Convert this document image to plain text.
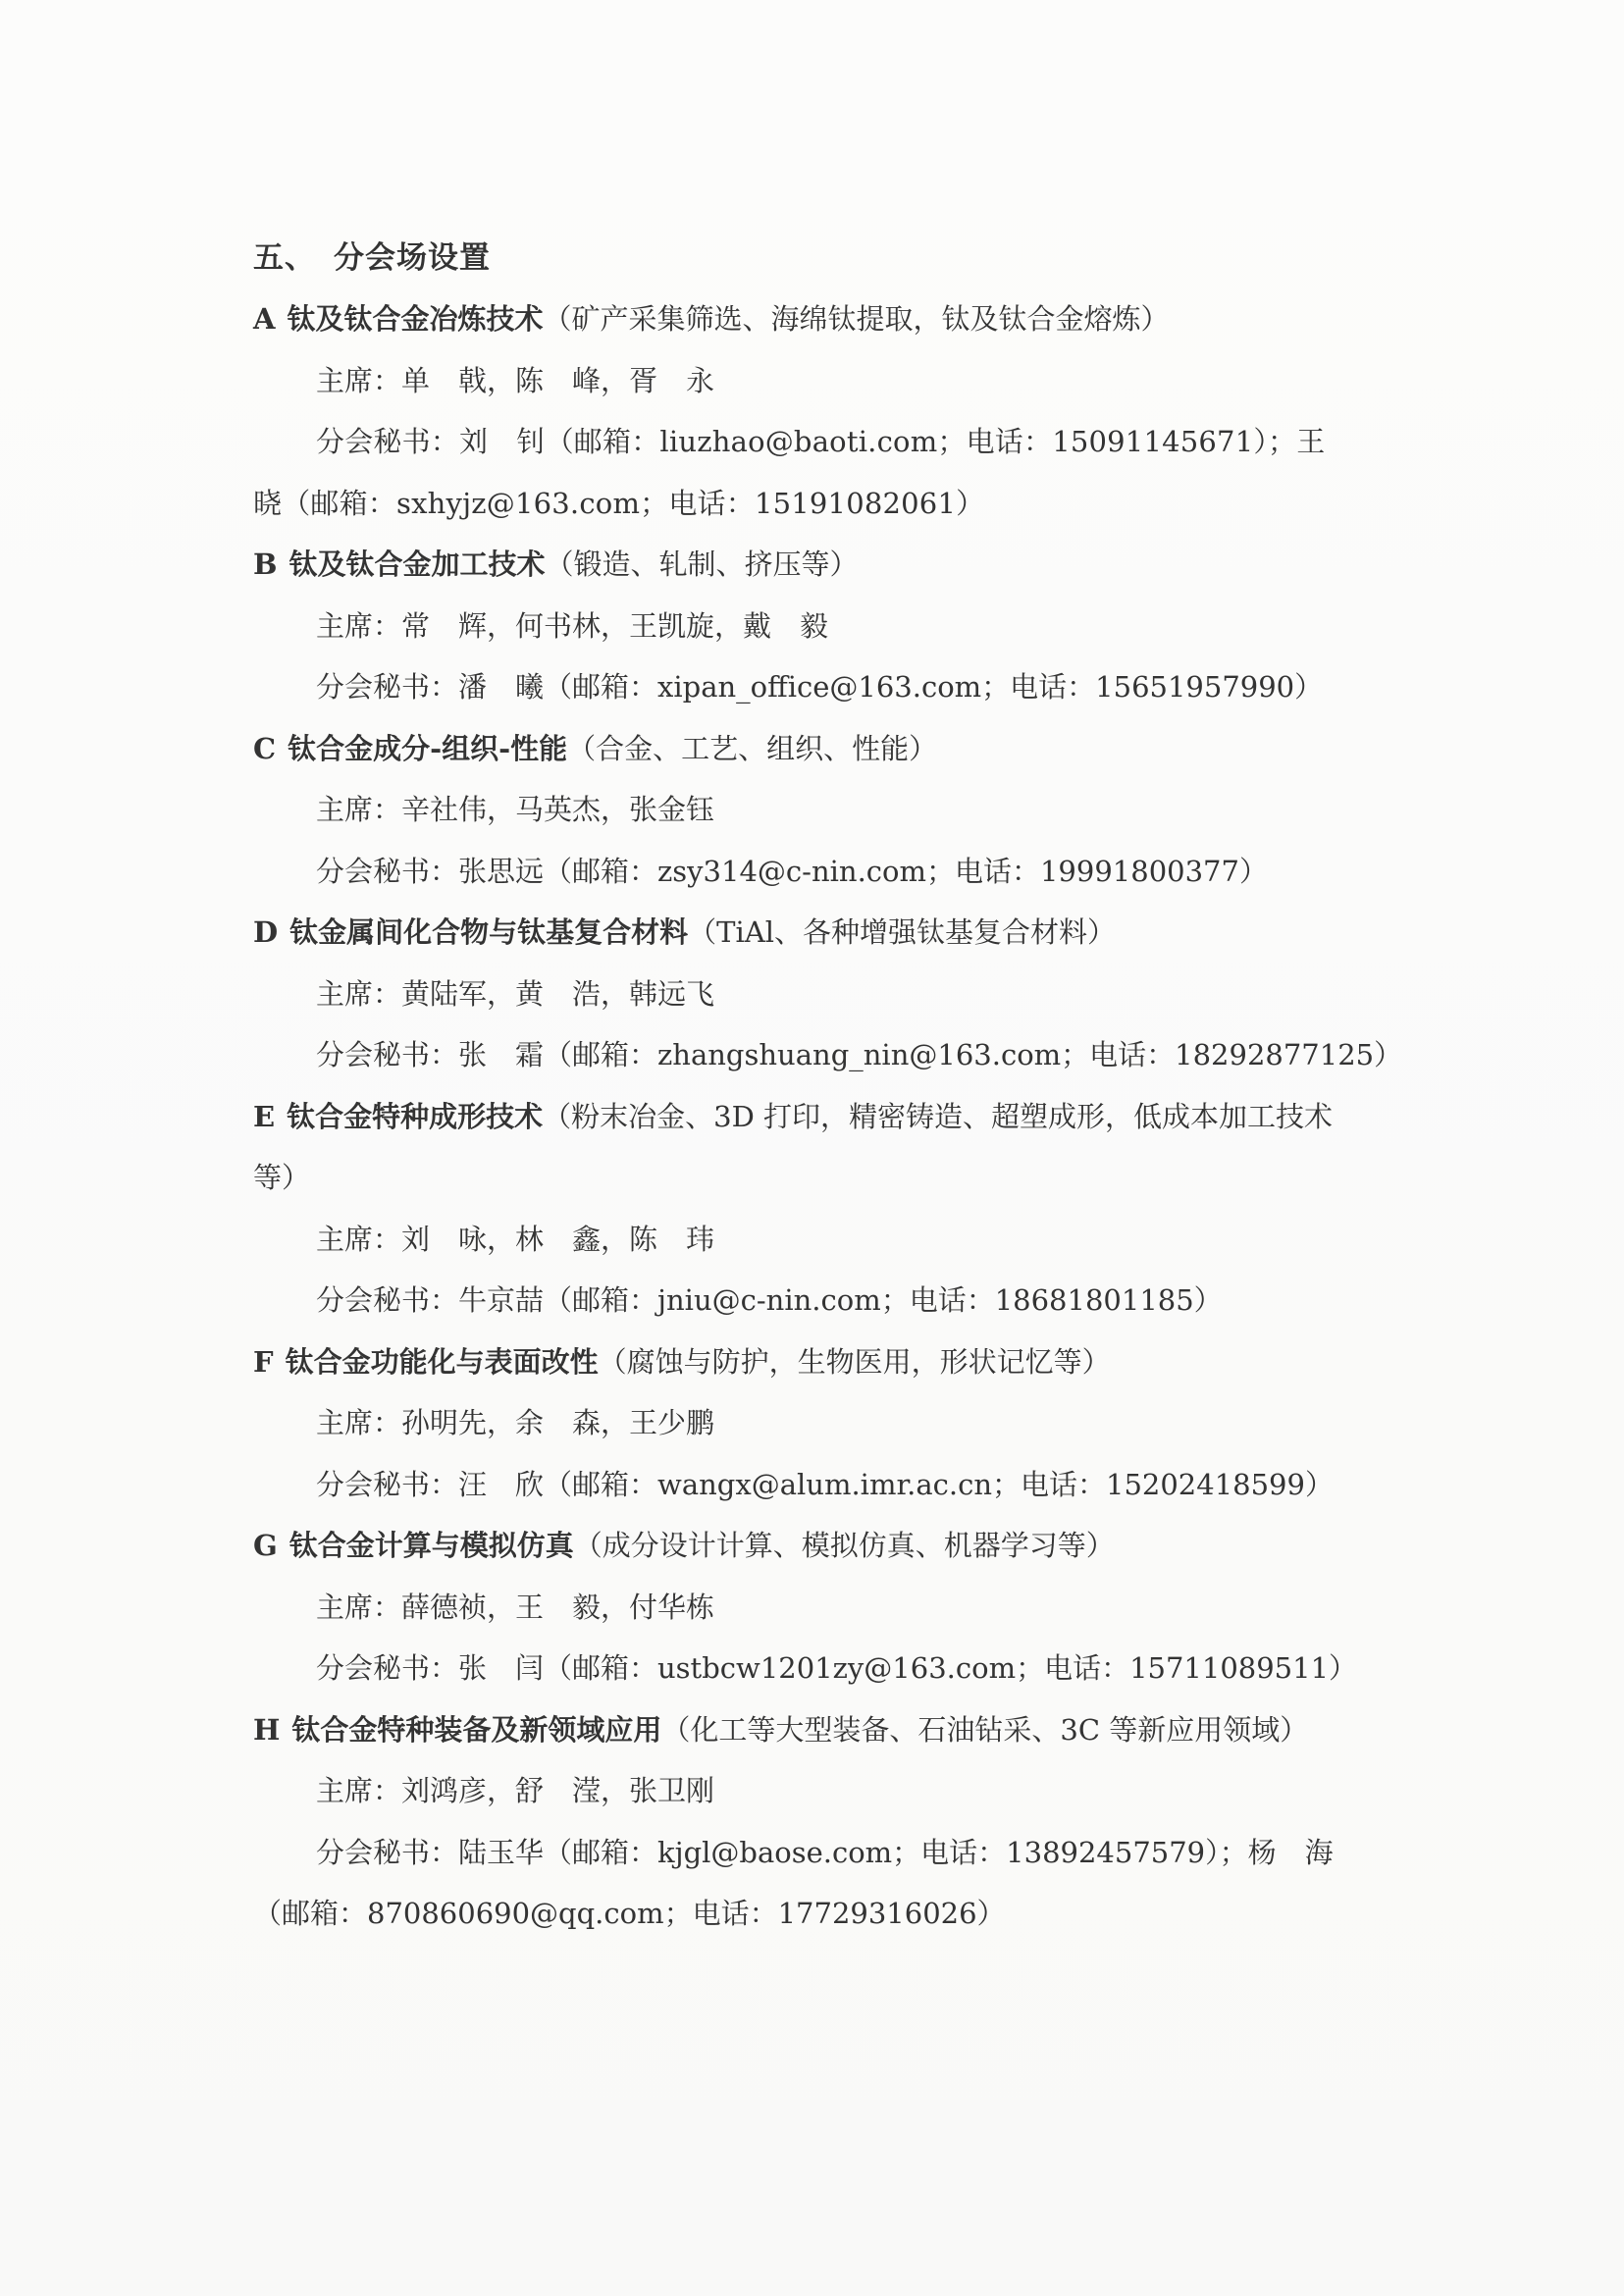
五、 分会场设置

A 钛及钛合金冶炼技术（矿产采集筛选、海绵钛提取，钛及钛合金熔炼）

主席：单　戟，陈　峰，胥　永

分会秘书：刘　钊（邮箱：liuzhao@baoti.com；电话：15091145671）；王　晓（邮箱：sxhyjz@163.com；电话：15191082061）

B 钛及钛合金加工技术（锻造、轧制、挤压等）

主席：常　辉，何书林，王凯旋，戴　毅

分会秘书：潘　曦（邮箱：xipan_office@163.com；电话：15651957990）

C 钛合金成分-组织-性能（合金、工艺、组织、性能）

主席：辛社伟，马英杰，张金钰

分会秘书：张思远（邮箱：zsy314@c-nin.com；电话：19991800377）

D 钛金属间化合物与钛基复合材料（TiAl、各种增强钛基复合材料）

主席：黄陆军，黄　浩，韩远飞

分会秘书：张　霜（邮箱：zhangshuang_nin@163.com；电话：18292877125）

E 钛合金特种成形技术（粉末冶金、3D 打印，精密铸造、超塑成形，低成本加工技术等）

主席：刘　咏，林　鑫，陈　玮

分会秘书：牛京喆（邮箱：jniu@c-nin.com；电话：18681801185）

F 钛合金功能化与表面改性（腐蚀与防护，生物医用，形状记忆等）

主席：孙明先，余　森，王少鹏

分会秘书：汪　欣（邮箱：wangx@alum.imr.ac.cn；电话：15202418599）

G 钛合金计算与模拟仿真（成分设计计算、模拟仿真、机器学习等）

主席：薛德祯，王　毅，付华栋

分会秘书：张　闫（邮箱：ustbcw1201zy@163.com；电话：15711089511）

H 钛合金特种装备及新领域应用（化工等大型装备、石油钻采、3C 等新应用领域）

主席：刘鸿彦，舒　滢，张卫刚

分会秘书：陆玉华（邮箱：kjgl@baose.com；电话：13892457579）；杨　海（邮箱：870860690@qq.com；电话：17729316026）
